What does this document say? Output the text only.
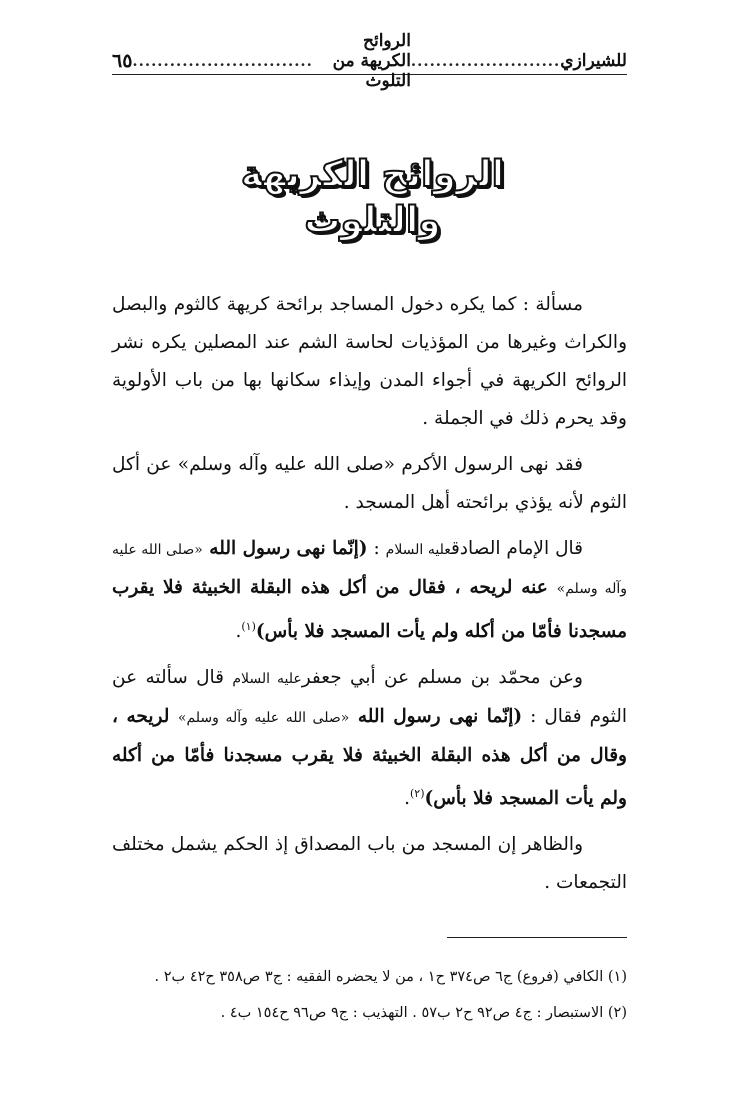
للشيرازي
........................
الروائح الكريهة من التلوث
.............................
٦٥
الروائح الكريهة
والتلوث

مسألة : كما يكره دخول المساجد برائحة كريهة كالثوم والبصل والكراث وغيرها من المؤذيات لحاسة الشم عند المصلين يكره نشر الروائح الكريهة في أجواء المدن وإيذاء سكانها بها من باب الأولوية وقد يحرم ذلك في الجملة .

فقد نهى الرسول الأكرم «صلى الله عليه وآله وسلم» عن أكل الثوم لأنه يؤذي برائحته أهل المسجد .

قال الإمام الصادقعليه السلام : (إنّما نهى رسول الله «صلى الله عليه وآله وسلم» عنه لريحه ، فقال من أكل هذه البقلة الخبيثة فلا يقرب مسجدنا فأمّا من أكله ولم يأت المسجد فلا بأس)$^{(١)}$.

وعن محمّد بن مسلم عن أبي جعفرعليه السلام قال سألته عن الثوم فقال : (إنّما نهى رسول الله «صلى الله عليه وآله وسلم» لريحه ، وقال من أكل هذه البقلة الخبيثة فلا يقرب مسجدنا فأمّا من أكله ولم يأت المسجد فلا بأس)$^{(٢)}$.

والظاهر إن المسجد من باب المصداق إذ الحكم يشمل مختلف التجمعات .

(١) الكافي (فروع) ج٦ ص٣٧٤ ح١ ، من لا يحضره الفقيه : ج٣ ص٣٥٨ ح٤٢ ب٢ .

(٢) الاستبصار : ج٤ ص٩٢ ح٢ ب٥٧ . التهذيب : ج٩ ص٩٦ ح١٥٤ ب٤ .
